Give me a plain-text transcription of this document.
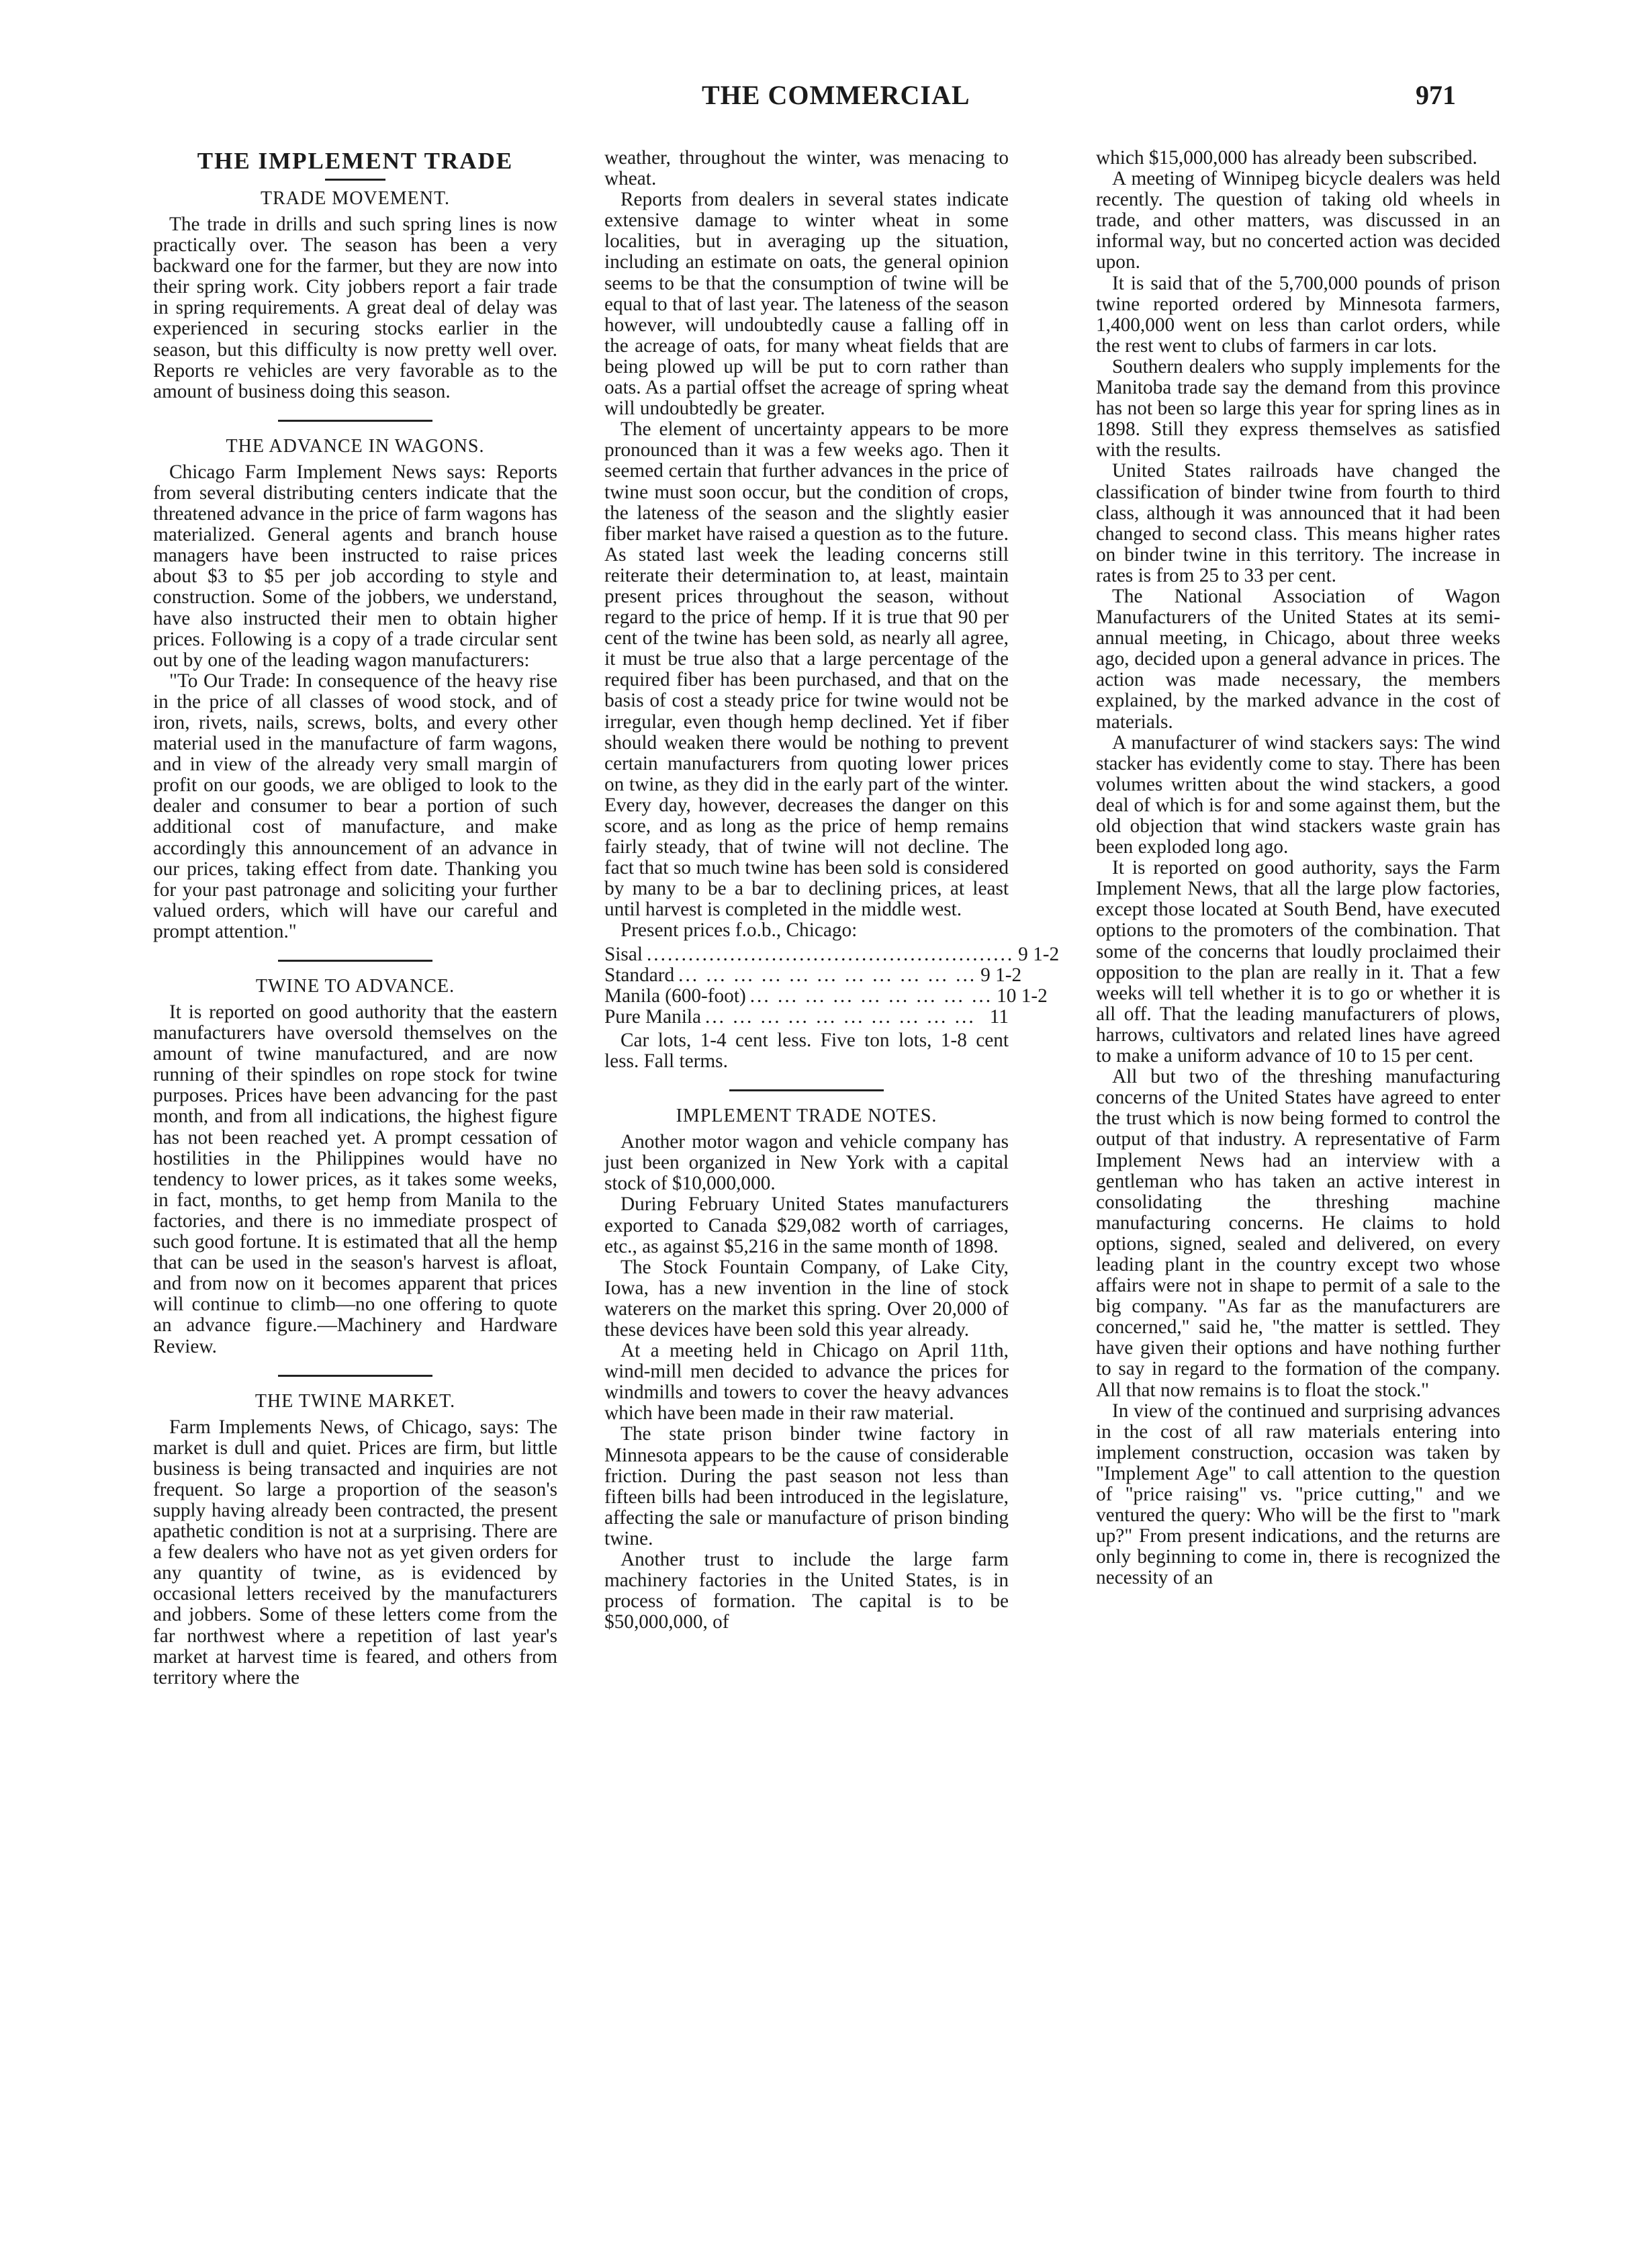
THE COMMERCIAL	971
THE IMPLEMENT TRADE
TRADE MOVEMENT.

The trade in drills and such spring lines is now practically over. The season has been a very backward one for the farmer, but they are now into their spring work. City jobbers report a fair trade in spring requirements. A great deal of delay was experienced in securing stocks earlier in the season, but this difficulty is now pretty well over. Reports re vehicles are very favorable as to the amount of business doing this season.

THE ADVANCE IN WAGONS.

Chicago Farm Implement News says: Reports from several distributing centers indicate that the threatened advance in the price of farm wagons has materialized. General agents and branch house managers have been instructed to raise prices about $3 to $5 per job according to style and construction. Some of the jobbers, we understand, have also instructed their men to obtain higher prices. Following is a copy of a trade circular sent out by one of the leading wagon manufacturers:

"To Our Trade: In consequence of the heavy rise in the price of all classes of wood stock, and of iron, rivets, nails, screws, bolts, and every other material used in the manufacture of farm wagons, and in view of the already very small margin of profit on our goods, we are obliged to look to the dealer and consumer to bear a portion of such additional cost of manufacture, and make accordingly this announcement of an advance in our prices, taking effect from date. Thanking you for your past patronage and soliciting your further valued orders, which will have our careful and prompt attention."

TWINE TO ADVANCE.

It is reported on good authority that the eastern manufacturers have oversold themselves on the amount of twine manufactured, and are now running of their spindles on rope stock for twine purposes. Prices have been advancing for the past month, and from all indications, the highest figure has not been reached yet. A prompt cessation of hostilities in the Philippines would have no tendency to lower prices, as it takes some weeks, in fact, months, to get hemp from Manila to the factories, and there is no immediate prospect of such good fortune. It is estimated that all the hemp that can be used in the season's harvest is afloat, and from now on it becomes apparent that prices will continue to climb—no one offering to quote an advance figure.—Machinery and Hardware Review.

THE TWINE MARKET.

Farm Implements News, of Chicago, says: The market is dull and quiet. Prices are firm, but little business is being transacted and inquiries are not frequent. So large a proportion of the season's supply having already been contracted, the present apathetic condition is not at a surprising. There are a few dealers who have not as yet given orders for any quantity of twine, as is evidenced by occasional letters received by the manufacturers and jobbers. Some of these letters come from the far northwest where a repetition of last year's market at harvest time is feared, and others from territory where the

weather, throughout the winter, was menacing to wheat.

Reports from dealers in several states indicate extensive damage to winter wheat in some localities, but in averaging up the situation, including an estimate on oats, the general opinion seems to be that the consumption of twine will be equal to that of last year. The lateness of the season however, will undoubtedly cause a falling off in the acreage of oats, for many wheat fields that are being plowed up will be put to corn rather than oats. As a partial offset the acreage of spring wheat will undoubtedly be greater.

The element of uncertainty appears to be more pronounced than it was a few weeks ago. Then it seemed certain that further advances in the price of twine must soon occur, but the condition of crops, the lateness of the season and the slightly easier fiber market have raised a question as to the future. As stated last week the leading concerns still reiterate their determination to, at least, maintain present prices throughout the season, without regard to the price of hemp. If it is true that 90 per cent of the twine has been sold, as nearly all agree, it must be true also that a large percentage of the required fiber has been purchased, and that on the basis of cost a steady price for twine would not be irregular, even though hemp declined. Yet if fiber should weaken there would be nothing to prevent certain manufacturers from quoting lower prices on twine, as they did in the early part of the winter. Every day, however, decreases the danger on this score, and as long as the price of hemp remains fairly steady, that of twine will not decline. The fact that so much twine has been sold is considered by many to be a bar to declining prices, at least until harvest is completed in the middle west.

Present prices f.o.b., Chicago:

Sisal ..................................................... 9 1-2
Standard ... ... ... ... ... ... ... ... ... ... ... 9 1-2
Manila (600-foot) ... ... ... ... ... ... ... ... ... 10 1-2
Pure Manila ... ... ... ... ... ... ... ... ... ... 11

Car lots, 1-4 cent less. Five ton lots, 1-8 cent less. Fall terms.

IMPLEMENT TRADE NOTES.

Another motor wagon and vehicle company has just been organized in New York with a capital stock of $10,000,000.

During February United States manufacturers exported to Canada $29,082 worth of carriages, etc., as against $5,216 in the same month of 1898.

The Stock Fountain Company, of Lake City, Iowa, has a new invention in the line of stock waterers on the market this spring. Over 20,000 of these devices have been sold this year already.

At a meeting held in Chicago on April 11th, wind-mill men decided to advance the prices for windmills and towers to cover the heavy advances which have been made in their raw material.

The state prison binder twine factory in Minnesota appears to be the cause of considerable friction. During the past season not less than fifteen bills had been introduced in the legislature, affecting the sale or manufacture of prison binding twine.

Another trust to include the large farm machinery factories in the United States, is in process of formation. The capital is to be $50,000,000, of

which $15,000,000 has already been subscribed.

A meeting of Winnipeg bicycle dealers was held recently. The question of taking old wheels in trade, and other matters, was discussed in an informal way, but no concerted action was decided upon.

It is said that of the 5,700,000 pounds of prison twine reported ordered by Minnesota farmers, 1,400,000 went on less than carlot orders, while the rest went to clubs of farmers in car lots.

Southern dealers who supply implements for the Manitoba trade say the demand from this province has not been so large this year for spring lines as in 1898. Still they express themselves as satisfied with the results.

United States railroads have changed the classification of binder twine from fourth to third class, although it was announced that it had been changed to second class. This means higher rates on binder twine in this territory. The increase in rates is from 25 to 33 per cent.

The National Association of Wagon Manufacturers of the United States at its semi-annual meeting, in Chicago, about three weeks ago, decided upon a general advance in prices. The action was made necessary, the members explained, by the marked advance in the cost of materials.

A manufacturer of wind stackers says: The wind stacker has evidently come to stay. There has been volumes written about the wind stackers, a good deal of which is for and some against them, but the old objection that wind stackers waste grain has been exploded long ago.

It is reported on good authority, says the Farm Implement News, that all the large plow factories, except those located at South Bend, have executed options to the promoters of the combination. That some of the concerns that loudly proclaimed their opposition to the plan are really in it. That a few weeks will tell whether it is to go or whether it is all off. That the leading manufacturers of plows, harrows, cultivators and related lines have agreed to make a uniform advance of 10 to 15 per cent.

All but two of the threshing manufacturing concerns of the United States have agreed to enter the trust which is now being formed to control the output of that industry. A representative of Farm Implement News had an interview with a gentleman who has taken an active interest in consolidating the threshing machine manufacturing concerns. He claims to hold options, signed, sealed and delivered, on every leading plant in the country except two whose affairs were not in shape to permit of a sale to the big company. "As far as the manufacturers are concerned," said he, "the matter is settled. They have given their options and have nothing further to say in regard to the formation of the company. All that now remains is to float the stock."

In view of the continued and surprising advances in the cost of all raw materials entering into implement construction, occasion was taken by "Implement Age" to call attention to the question of "price raising" vs. "price cutting," and we ventured the query: Who will be the first to "mark up?" From present indications, and the returns are only beginning to come in, there is recognized the necessity of an
